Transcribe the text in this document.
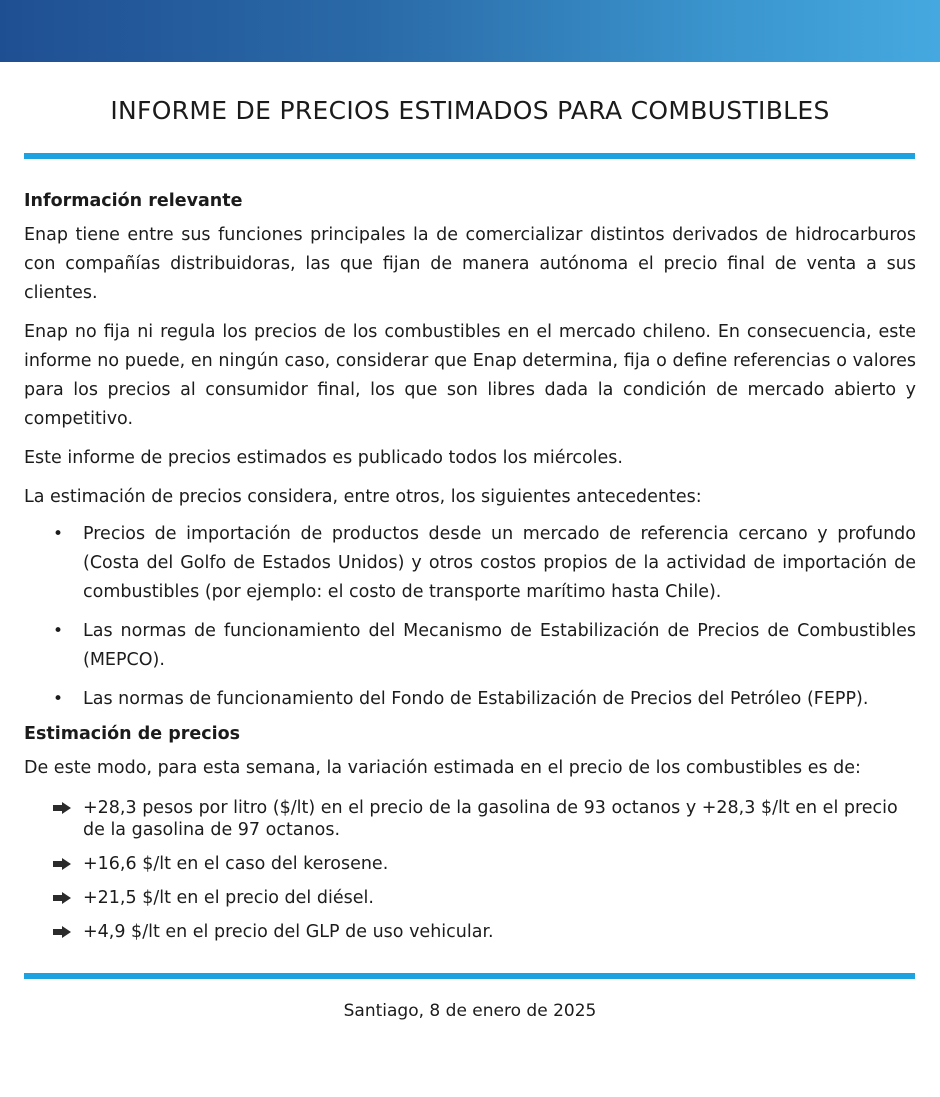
INFORME DE PRECIOS ESTIMADOS PARA COMBUSTIBLES
Información relevante

Enap tiene entre sus funciones principales la de comercializar distintos derivados de hidrocarburos con compañías distribuidoras, las que fijan de manera autónoma el precio final de venta a sus clientes.

Enap no fija ni regula los precios de los combustibles en el mercado chileno. En consecuencia, este informe no puede, en ningún caso, considerar que Enap determina, fija o define referencias o valores para los precios al consumidor final, los que son libres dada la condición de mercado abierto y competitivo.

Este informe de precios estimados es publicado todos los miércoles.

La estimación de precios considera, entre otros, los siguientes antecedentes:

• Precios de importación de productos desde un mercado de referencia cercano y profundo (Costa del Golfo de Estados Unidos) y otros costos propios de la actividad de importación de combustibles (por ejemplo: el costo de transporte marítimo hasta Chile).
• Las normas de funcionamiento del Mecanismo de Estabilización de Precios de Combustibles (MEPCO).
• Las normas de funcionamiento del Fondo de Estabilización de Precios del Petróleo (FEPP).
Estimación de precios

De este modo, para esta semana, la variación estimada en el precio de los combustibles es de:

+28,3 pesos por litro ($/lt) en el precio de la gasolina de 93 octanos y +28,3 $/lt en el precio de la gasolina de 97 octanos.
+16,6 $/lt en el caso del kerosene.
+21,5 $/lt en el precio del diésel.
+4,9 $/lt en el precio del GLP de uso vehicular.
Santiago, 8 de enero de 2025
